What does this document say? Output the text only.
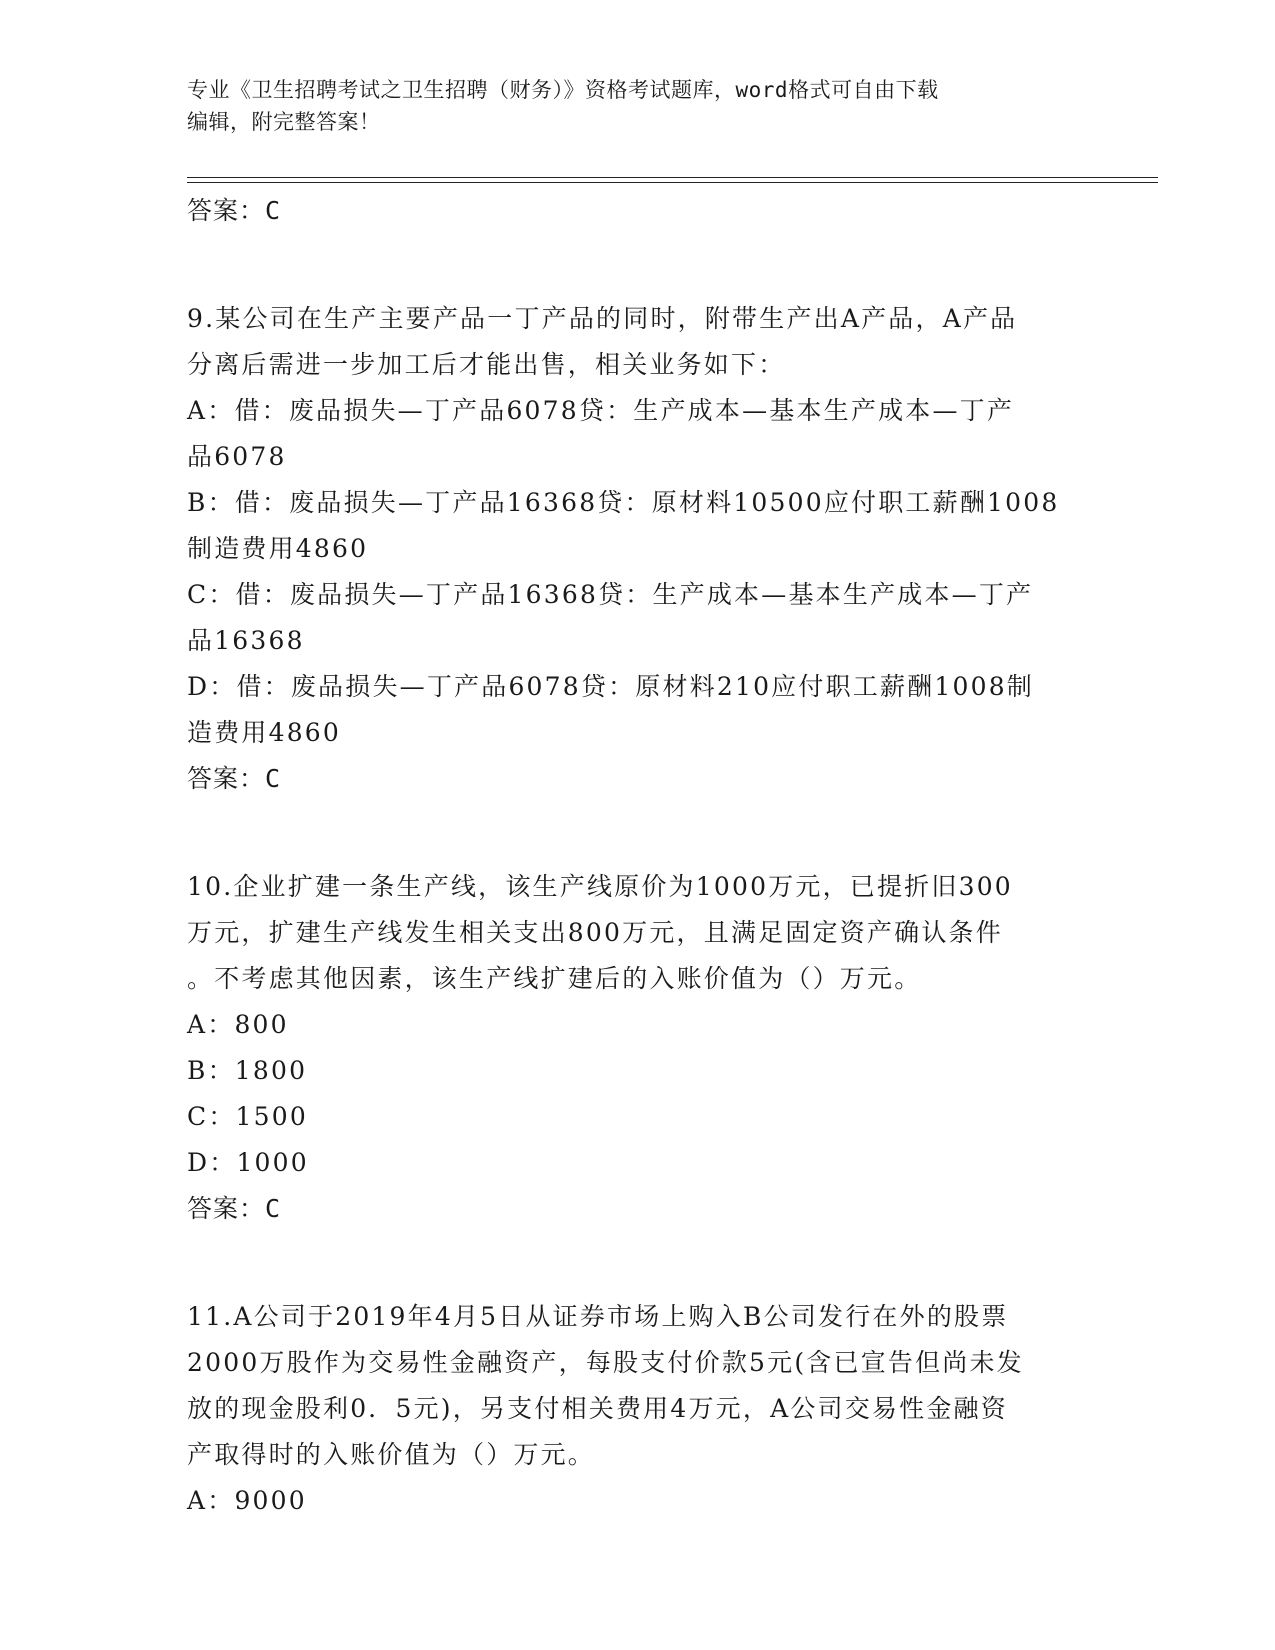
专业《卫生招聘考试之卫生招聘（财务）》资格考试题库，word格式可自由下载
编辑，附完整答案！
答案：C
9.某公司在生产主要产品一丁产品的同时，附带生产出A产品，A产品
分离后需进一步加工后才能出售，相关业务如下：
A：借：废品损失—丁产品6078贷：生产成本—基本生产成本—丁产
品6078
B：借：废品损失—丁产品16368贷：原材料10500应付职工薪酬1008
制造费用4860
C：借：废品损失—丁产品16368贷：生产成本—基本生产成本—丁产
品16368
D：借：废品损失—丁产品6078贷：原材料210应付职工薪酬1008制
造费用4860
答案：C
10.企业扩建一条生产线，该生产线原价为1000万元，已提折旧300
万元，扩建生产线发生相关支出800万元，且满足固定资产确认条件
。不考虑其他因素，该生产线扩建后的入账价值为（）万元。
A：800
B：1800
C：1500
D：1000
答案：C
11.A公司于2019年4月5日从证券市场上购入B公司发行在外的股票
2000万股作为交易性金融资产，每股支付价款5元(含已宣告但尚未发
放的现金股利0．5元)，另支付相关费用4万元，A公司交易性金融资
产取得时的入账价值为（）万元。
A：9000
